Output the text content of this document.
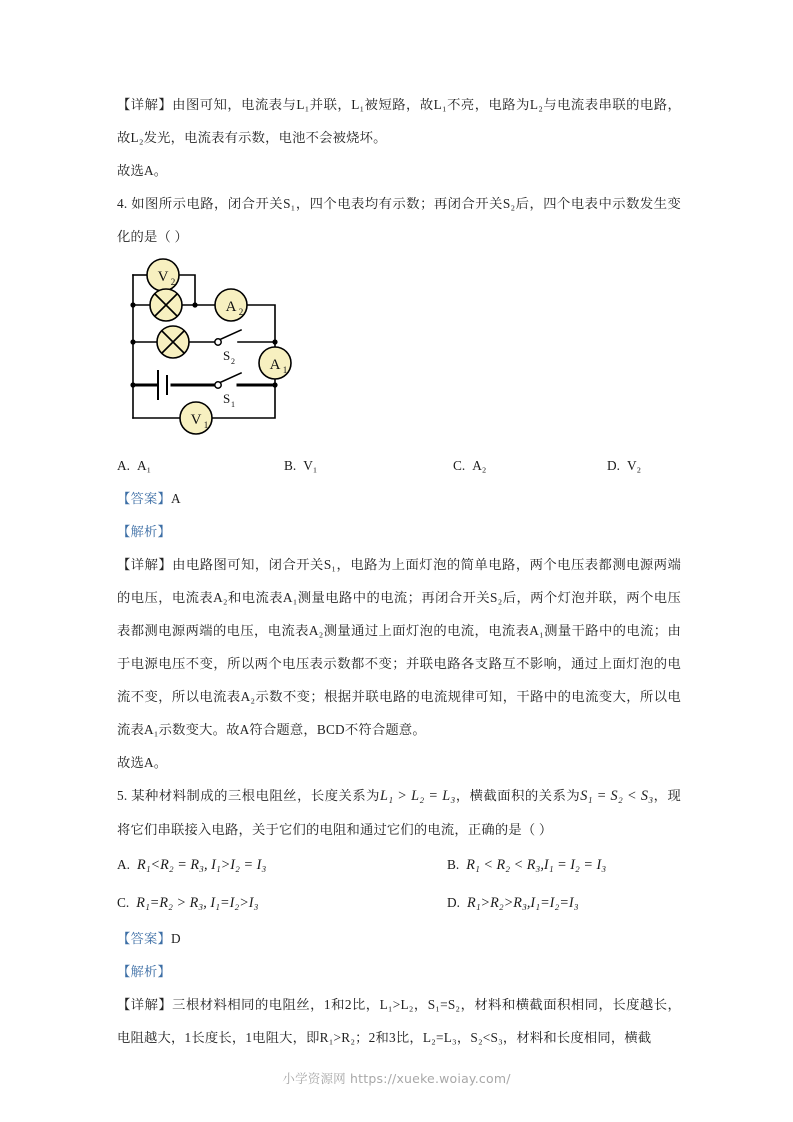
【详解】由图可知，电流表与L₁并联，L₁被短路，故L₁不亮，电路为L₂与电流表串联的电路，故L₂发光，电流表有示数，电池不会被烧坏。

故选A。

4. 如图所示电路，闭合开关S₁，四个电表均有示数；再闭合开关S₂后，四个电表中示数发生变化的是（ ）

V 2
A 2
A 1
V 1
S 2
S 1
A. A₁	B. V₁	C. A₂	D. V₂

【答案】A

【解析】

【详解】由电路图可知，闭合开关S₁，电路为上面灯泡的简单电路，两个电压表都测电源两端的电压，电流表A₂和电流表A₁测量电路中的电流；再闭合开关S₂后，两个灯泡并联，两个电压表都测电源两端的电压，电流表A₂测量通过上面灯泡的电流，电流表A₁测量干路中的电流；由于电源电压不变，所以两个电压表示数都不变；并联电路各支路互不影响，通过上面灯泡的电流不变，所以电流表A₂示数不变；根据并联电路的电流规律可知，干路中的电流变大，所以电流表A₁示数变大。故A符合题意，BCD不符合题意。

故选A。

5. 某种材料制成的三根电阻丝，长度关系为L₁ > L₂ = L₃，横截面积的关系为S₁ = S₂ < S₃，现将它们串联接入电路，关于它们的电阻和通过它们的电流，正确的是（ ）

A. R₁<R₂ = R₃, I₁>I₂ = I₃	B. R₁ < R₂ < R₃,I₁ = I₂ = I₃
C. R₁=R₂ > R₃, I₁=I₂>I₃	D. R₁>R₂>R₃,I₁=I₂=I₃

【答案】D

【解析】

【详解】三根材料相同的电阻丝，1和2比，L₁>L₂，S₁=S₂，材料和横截面积相同，长度越长，电阻越大，1长度长，1电阻大，即R₁>R₂；2和3比，L₂=L₃，S₂<S₃，材料和长度相同，横截

小学资源网 https://xueke.woiay.com/
